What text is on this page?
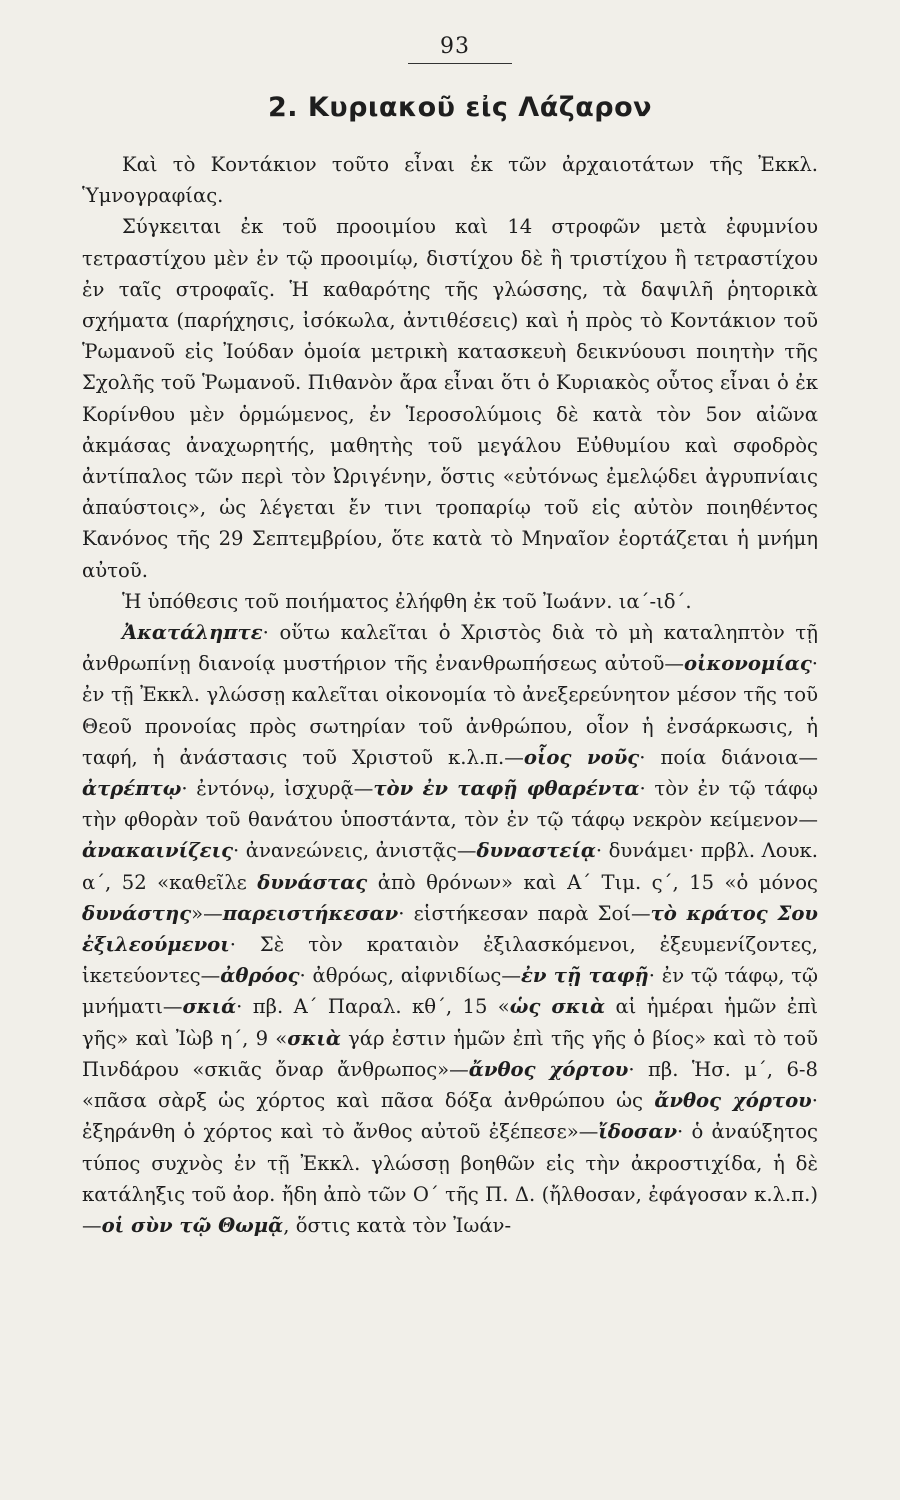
93
2. Κυριακοῦ εἰς Λάζαρον

Καὶ τὸ Κοντάκιον τοῦτο εἶναι ἐκ τῶν ἀρχαιοτάτων τῆς Ἐκκλ. Ὑμνογραφίας.

Σύγκειται ἐκ τοῦ προοιμίου καὶ 14 στροφῶν μετὰ ἐφυμνίου τετραστίχου μὲν ἐν τῷ προοιμίῳ, διστίχου δὲ ἢ τριστίχου ἢ τετραστίχου ἐν ταῖς στροφαῖς. Ἡ καθαρότης τῆς γλώσσης, τὰ δαψιλῆ ῥητορικὰ σχήματα (παρήχησις, ἰσόκωλα, ἀντιθέσεις) καὶ ἡ πρὸς τὸ Κοντάκιον τοῦ Ῥωμανοῦ εἰς Ἰούδαν ὁμοία μετρικὴ κατασκευὴ δεικνύουσι ποιητὴν τῆς Σχολῆς τοῦ Ῥωμανοῦ. Πιθανὸν ἄρα εἶναι ὅτι ὁ Κυριακὸς οὗτος εἶναι ὁ ἐκ Κορίνθου μὲν ὁρμώμενος, ἐν Ἱεροσολύμοις δὲ κατὰ τὸν 5ον αἰῶνα ἀκμάσας ἀναχωρητής, μαθητὴς τοῦ μεγάλου Εὐθυμίου καὶ σφοδρὸς ἀντίπαλος τῶν περὶ τὸν Ὠριγένην, ὅστις «εὐτόνως ἐμελῴδει ἀγρυπνίαις ἀπαύστοις», ὡς λέγεται ἔν τινι τροπαρίῳ τοῦ εἰς αὐτὸν ποιηθέντος Κανόνος τῆς 29 Σεπτεμβρίου, ὅτε κατὰ τὸ Μηναῖον ἑορτάζεται ἡ μνήμη αὐτοῦ.

Ἡ ὑπόθεσις τοῦ ποιήματος ἐλήφθη ἐκ τοῦ Ἰωάνν. ια΄-ιδ΄.

Ἀκατάληπτε· οὕτω καλεῖται ὁ Χριστὸς διὰ τὸ μὴ καταληπτὸν τῇ ἀνθρωπίνῃ διανοίᾳ μυστήριον τῆς ἐνανθρωπήσεως αὐτοῦ—οἰκονομίας· ἐν τῇ Ἐκκλ. γλώσσῃ καλεῖται οἰκονομία τὸ ἀνεξερεύνητον μέσον τῆς τοῦ Θεοῦ προνοίας πρὸς σωτηρίαν τοῦ ἀνθρώπου, οἷον ἡ ἐνσάρκωσις, ἡ ταφή, ἡ ἀνάστασις τοῦ Χριστοῦ κ.λ.π.—οἷος νοῦς· ποία διάνοια—ἀτρέπτῳ· ἐντόνῳ, ἰσχυρᾷ—τὸν ἐν ταφῇ φθαρέντα· τὸν ἐν τῷ τάφῳ τὴν φθορὰν τοῦ θανάτου ὑποστάντα, τὸν ἐν τῷ τάφῳ νεκρὸν κείμενον—ἀνακαινίζεις· ἀνανεώνεις, ἀνιστᾷς—δυναστείᾳ· δυνάμει· πρβλ. Λουκ. α΄, 52 «καθεῖλε δυνάστας ἀπὸ θρόνων» καὶ Α΄ Τιμ. ς΄, 15 «ὁ μόνος δυνάστης»—παρειστήκεσαν· εἱστήκεσαν παρὰ Σοί—τὸ κράτος Σου ἐξιλεούμενοι· Σὲ τὸν κραταιὸν ἐξιλασκόμενοι, ἐξευμενίζοντες, ἱκετεύοντες—ἀθρόος· ἀθρόως, αἰφνιδίως—ἐν τῇ ταφῇ· ἐν τῷ τάφῳ, τῷ μνήματι—σκιά· πβ. Α΄ Παραλ. κθ΄, 15 «ὡς σκιὰ αἱ ἡμέραι ἡμῶν ἐπὶ γῆς» καὶ Ἰὼβ η΄, 9 «σκιὰ γάρ ἐστιν ἡμῶν ἐπὶ τῆς γῆς ὁ βίος» καὶ τὸ τοῦ Πινδάρου «σκιᾶς ὄναρ ἄνθρωπος»—ἄνθος χόρτου· πβ. Ἡσ. μ΄, 6-8 «πᾶσα σὰρξ ὡς χόρτος καὶ πᾶσα δόξα ἀνθρώπου ὡς ἄνθος χόρτου· ἐξηράνθη ὁ χόρτος καὶ τὸ ἄνθος αὐτοῦ ἐξέπεσε»—ἴδοσαν· ὁ ἀναύξητος τύπος συχνὸς ἐν τῇ Ἐκκλ. γλώσσῃ βοηθῶν εἰς τὴν ἀκροστιχίδα, ἡ δὲ κατάληξις τοῦ ἀορ. ἤδη ἀπὸ τῶν Ο΄ τῆς Π. Δ. (ἤλθοσαν, ἐφάγοσαν κ.λ.π.)—οἱ σὺν τῷ Θωμᾷ, ὅστις κατὰ τὸν Ἰωάν-
